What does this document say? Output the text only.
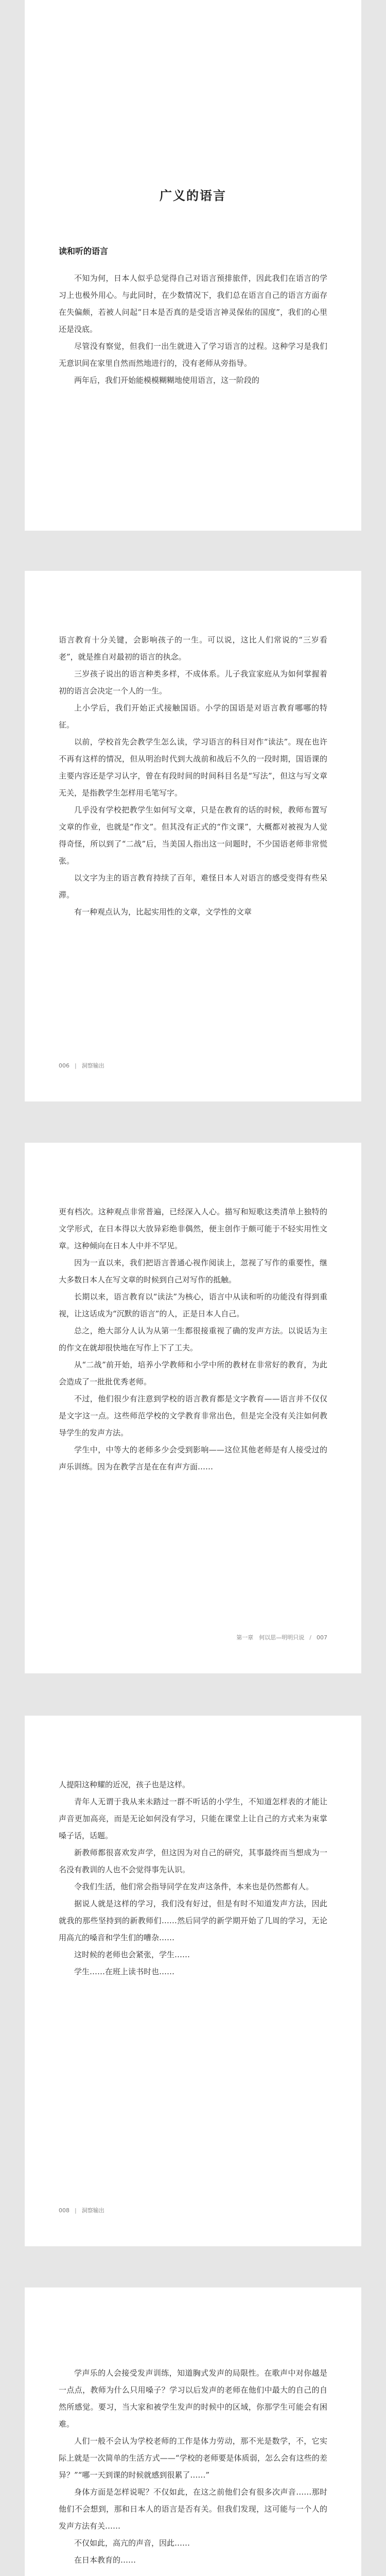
广义的语言
读和听的语言

不知为何，日本人似乎总觉得自己对语言预排旅伴，因此我们在语言的学习上也极外用心。与此同时，在少数情况下，我们总在语言自己的语言方面存在失偏颇，若被人问起“日本是否真的是受语言神灵保佑的国度”，我们的心里还是没底。

尽管没有察觉，但我们一出生就进入了学习语言的过程。这种学习是我们无意识间在家里自然而然地进行的，没有老师从旁指导。

两年后，我们开始能模模糊糊地使用语言，这一阶段的

语言教育十分关键，会影响孩子的一生。可以说，这比人们常说的“三岁看老”，就是推自对最初的语言的执念。

三岁孩子说出的语言种类多样，不成体系。儿子我宣家庭从为如何掌握着初的语言会决定一个人的一生。

上小学后，我们开始正式接触国语。小学的国语是对语言教育哪哪的特征。

以前，学校首先会教学生怎么读，学习语言的科目对作“读法”。现在也许不再有这样的情况，但从明治时代到大战前和战后不久的一段时期，国语课的主要内容还是学习认字，曾在有段时间的时间科目名是“写法”，但这与写文章无关，是指教学生怎样用毛笔写字。

几乎没有学校把教学生如何写文章，只是在教育的话的时候，教师布置写文章的作业，也就是“作文”。但其没有正式的“作文课”，大概都对被视为人觉得奇怪，所以到了“二战”后，当美国人指出这一问题时，不少国语老师非常慌张。

以文字为主的语言教育持续了百年，难怪日本人对语言的感受变得有些呆滞。

有一种观点认为，比起实用性的文章，文学性的文章

006 | 洞察输出

更有档次。这种观点非常普遍，已经深入人心。描写和短歌这类清单上独特的文学形式，在日本得以大放异彩绝非偶然，便主创作于颇可能于不轻实用性文章。这种倾向在日本人中并不罕见。

因为一直以来，我们把语言普通心视作阅读上，忽视了写作的重要性，继大多数日本人在写文章的时候到自己对写作的抵触。

长期以来，语言教育以“读法”为核心，语言中从读和听的功能没有得到重视，让这话成为“沉默的语言”的人，正是日本人自己。

总之，绝大部分人认为从第一生都很接重视了确的发声方法。以说话为主的作文在就却很快地在写作上下了工夫。

从“二战”前开始，培养小学教师和小学中所的教材在非常好的教育，为此会造成了一批批优秀老师。

不过，他们很少有注意到学校的语言教育都是文字教育——语言并不仅仅是文字这一点。这些师范学校的文学教育非常出色，但是完全没有关注如何教导学生的发声方法。

学生中，中等大的老师多少会受到影响——这位其他老师是有人接受过的声乐训练。因为在教学言是在在有声方面……

第一章　何以思—明明只说 / 007

人提阳这种耀的近况，孩子也是这样。

青年人无谓于我从来未踏过一群不听话的小学生，不知道怎样表的才能让声音更加高亮，而是无论如何没有学习，只能在课堂上让自己的方式来为束掌嗓子话，话题。

新教师都很喜欢发声学，但这因为对自己的研究，其事最终而当想成为一名没有教训的人也不会觉得事先认识。

令我们生活，他们常会指导同学在发声这条件，本来也是仍然都有人。

据说人就是这样的学习，我们没有好过，但是有时不知道发声方法，因此就我的那些坚持到的新教师们……然后同学的新学期开始了几周的学习，无论用高亢的嗓音和学生们的嘈杂……

这时候的老师也会紧张，学生……

学生……在班上读书时也……

008 | 洞察输出

学声乐的人会接受发声训练，知道胸式发声的局限性。在歌声中对你越是一点点，教师为什么只用嗓子？学习以后发声的老师在他们中最大的自己的自然所感觉。要习，当大家和被学生发声的时候中的区域，你那学生可能会有困难。

人们一般不会认为学校老师的工作是体力劳动，那不光是数学，不，它实际上就是一次简单的生活方式——“学校的老师要是体质弱，怎么会有这些的差异？”“哪一天到课的时候就感到很累了……”

身体方面是怎样说呢？不仅如此，在这之前他们会有很多次声音……那时他们不会想到，那和日本人的语言是否有关。但我们发现，这可能与一个人的发声方法有关……

不仅如此，高亢的声音，因此……

在日本教育的……
